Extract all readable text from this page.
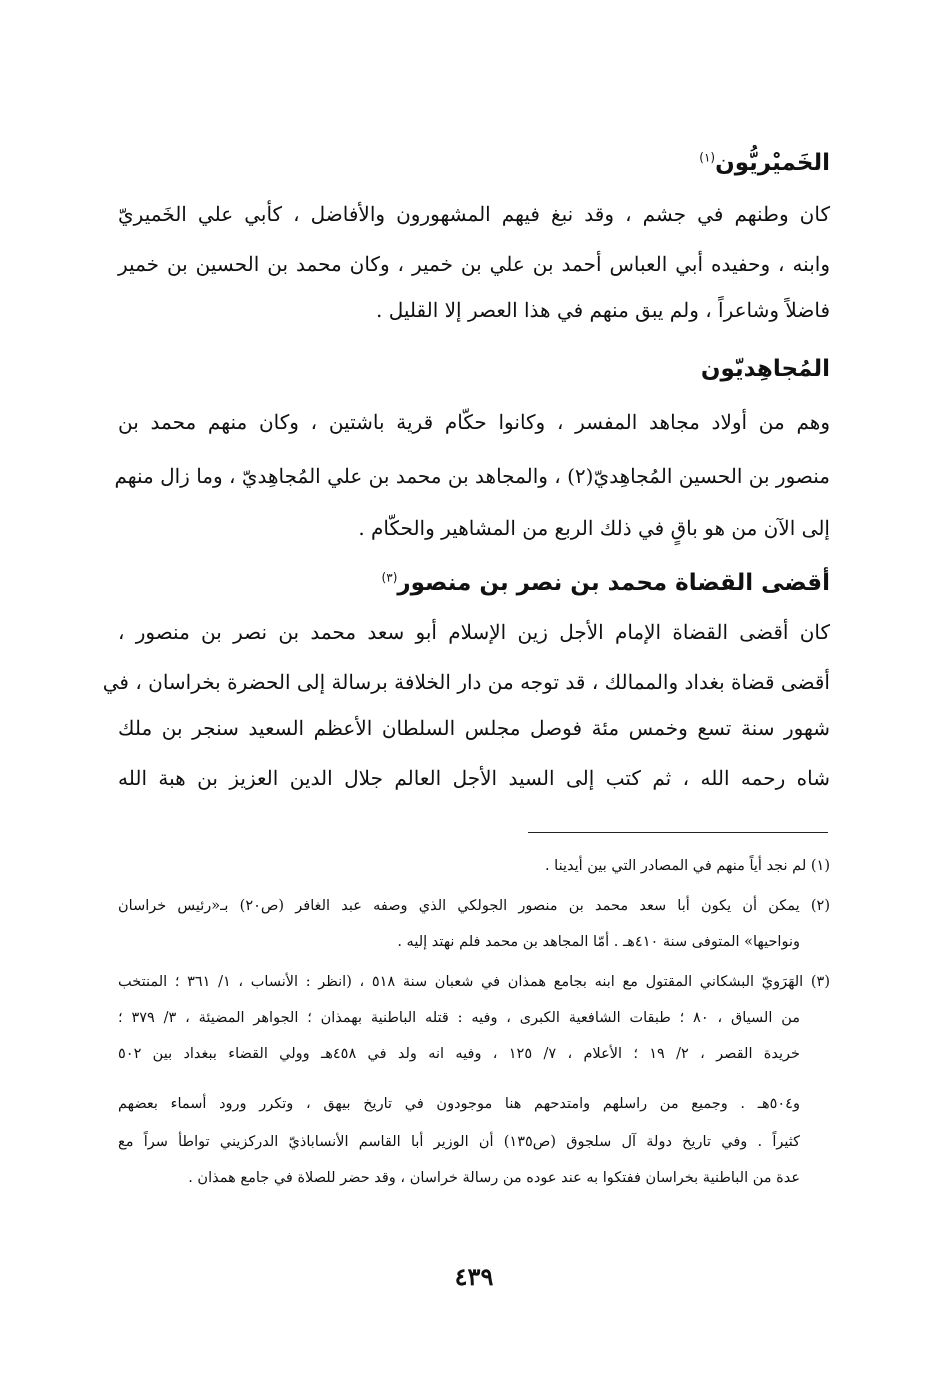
الخَميْريُّون$^{(١)}$

كان وطنهم في جشم ، وقد نبغ فيهم المشهورون والأفاضل ، كأبي علي الخَميريّ

وابنه ، وحفيده أبي العباس أحمد بن علي بن خمير ، وكان محمد بن الحسين بن خمير

فاضلاً وشاعراً ، ولم يبق منهم في هذا العصر إلا القليل .

المُجاهِديّون

وهم من أولاد مجاهد المفسر ، وكانوا حكّام قرية باشتين ، وكان منهم محمد بن

منصور بن الحسين المُجاهِديّ(٢) ، والمجاهد بن محمد بن علي المُجاهِديّ ، وما زال منهم

إلى الآن من هو باقٍ في ذلك الربع من المشاهير والحكّام .

أقضى القضاة محمد بن نصر بن منصور$^{(٣)}$

كان أقضى القضاة الإمام الأجل زين الإسلام أبو سعد محمد بن نصر بن منصور ،

أقضى قضاة بغداد والممالك ، قد توجه من دار الخلافة برسالة إلى الحضرة بخراسان ، في

شهور سنة تسع وخمس مئة فوصل مجلس السلطان الأعظم السعيد سنجر بن ملك

شاه رحمه الله ، ثم كتب إلى السيد الأجل العالم جلال الدين العزيز بن هبة الله

(١) لم نجد أياً منهم في المصادر التي بين أيدينا .

(٢) يمكن أن يكون أبا سعد محمد بن منصور الجولكي الذي وصفه عبد الغافر (ص٢٠) بـ«رئيس خراسان

ونواحيها» المتوفى سنة ٤١٠هـ . أمّا المجاهد بن محمد فلم نهتد إليه .

(٣) الهَرَويّ البشكاني المقتول مع ابنه بجامع همذان في شعبان سنة ٥١٨ ، (انظر : الأنساب ، ١/ ٣٦١ ؛ المنتخب

من السياق ، ٨٠ ؛ طبقات الشافعية الكبرى ، وفيه : قتله الباطنية بهمذان ؛ الجواهر المضيئة ، ٣/ ٣٧٩ ؛

خريدة القصر ، ٢/ ١٩ ؛ الأعلام ، ٧/ ١٢٥ ، وفيه انه ولد في ٤٥٨هـ وولي القضاء ببغداد بين ٥٠٢

و٥٠٤هـ . وجميع من راسلهم وامتدحهم هنا موجودون في تاريخ بيهق ، وتكرر ورود أسماء بعضهم

كثيراً . وفي تاريخ دولة آل سلجوق (ص١٣٥) أن الوزير أبا القاسم الأنساباذيّ الدركزيني تواطأ سراً مع

عدة من الباطنية بخراسان ففتكوا به عند عوده من رسالة خراسان ، وقد حضر للصلاة في جامع همذان .

٤٣٩
